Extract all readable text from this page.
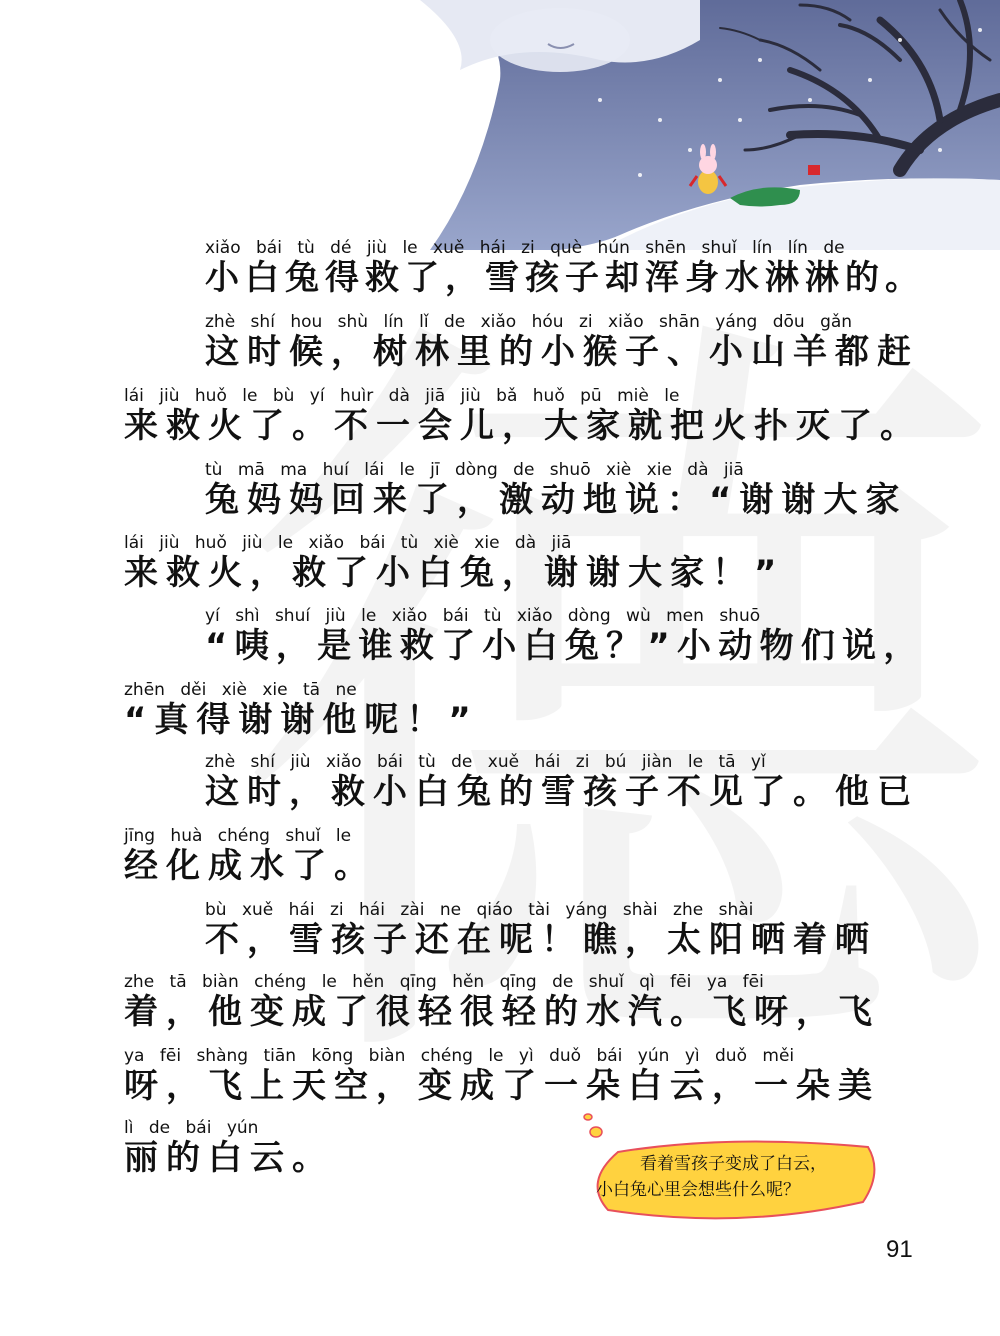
xiǎo bái tù dé jiù le xuě hái zi què hún shēn shuǐ lín lín de
小白兔得救了，雪孩子却浑身水淋淋的。
zhè shí hou shù lín lǐ de xiǎo hóu zi xiǎo shān yáng dōu gǎn
这时候，树林里的小猴子、小山羊都赶
lái jiù huǒ le bù yí huìr dà jiā jiù bǎ huǒ pū miè le
来救火了。不一会儿，大家就把火扑灭了。
tù mā ma huí lái le jī dòng de shuō xiè xie dà jiā
兔妈妈回来了，激动地说：“谢谢大家
lái jiù huǒ jiù le xiǎo bái tù xiè xie dà jiā
来救火，救了小白兔，谢谢大家！”
yí shì shuí jiù le xiǎo bái tù xiǎo dòng wù men shuō
“咦，是谁救了小白兔？”小动物们说，
zhēn děi xiè xie tā ne
“真得谢谢他呢！”
zhè shí jiù xiǎo bái tù de xuě hái zi bú jiàn le tā yǐ
这时，救小白兔的雪孩子不见了。他已
jīng huà chéng shuǐ le
经化成水了。
bù xuě hái zi hái zài ne qiáo tài yáng shài zhe shài
不，雪孩子还在呢！瞧，太阳晒着晒
zhe tā biàn chéng le hěn qīng hěn qīng de shuǐ qì fēi ya fēi
着，他变成了很轻很轻的水汽。飞呀，飞
ya fēi shàng tiān kōng biàn chéng le yì duǒ bái yún yì duǒ měi
呀，飞上天空，变成了一朵白云，一朵美
lì de bái yún
丽的白云。	看着雪孩子变成了白云，
小白兔心里会想些什么呢？
91
